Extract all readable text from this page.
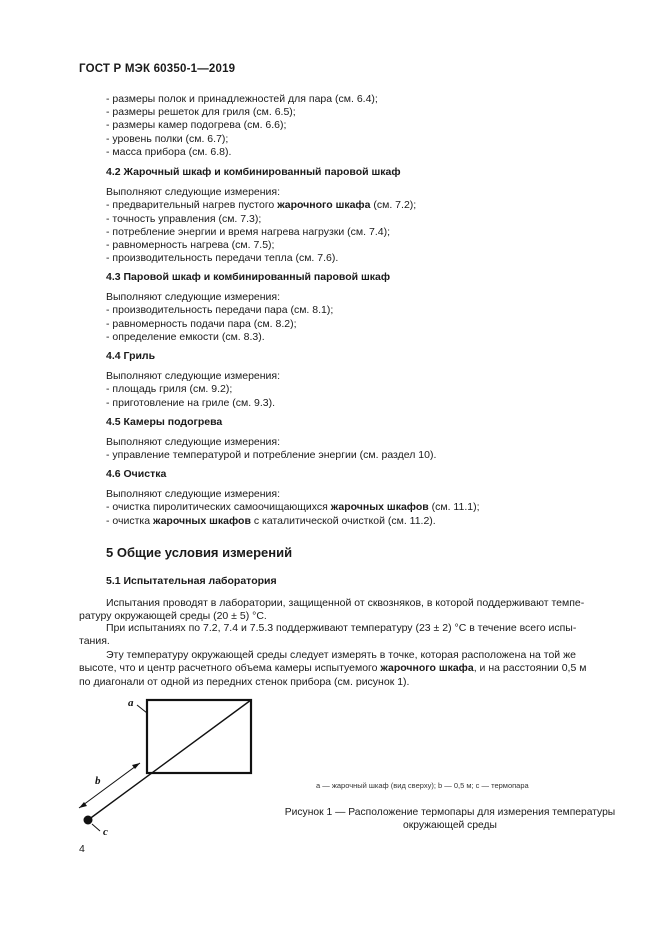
ГОСТ Р МЭК 60350-1—2019
- размеры полок и принадлежностей для пара (см. 6.4);
- размеры решеток для гриля (см. 6.5);
- размеры камер подогрева (см. 6.6);
- уровень полки (см. 6.7);
- масса прибора (см. 6.8).
4.2 Жарочный шкаф и комбинированный паровой шкаф
Выполняют следующие измерения:
- предварительный нагрев пустого жарочного шкафа (см. 7.2);
- точность управления (см. 7.3);
- потребление энергии и время нагрева нагрузки (см. 7.4);
- равномерность нагрева (см. 7.5);
- производительность передачи тепла (см. 7.6).
4.3 Паровой шкаф и комбинированный паровой шкаф
Выполняют следующие измерения:
- производительность передачи пара (см. 8.1);
- равномерность подачи пара (см. 8.2);
- определение емкости (см. 8.3).
4.4 Гриль
Выполняют следующие измерения:
- площадь гриля (см. 9.2);
- приготовление на гриле (см. 9.3).
4.5 Камеры подогрева
Выполняют следующие измерения:
- управление температурой и потребление энергии (см. раздел 10).
4.6 Очистка
Выполняют следующие измерения:
- очистка пиролитических самоочищающихся жарочных шкафов (см. 11.1);
- очистка жарочных шкафов с каталитической очисткой (см. 11.2).
5 Общие условия измерений
5.1 Испытательная лаборатория
Испытания проводят в лаборатории, защищенной от сквозняков, в которой поддерживают темпе-
ратуру окружающей среды (20 ± 5) °С.
При испытаниях по 7.2, 7.4 и 7.5.3 поддерживают температуру (23 ± 2) °С в течение всего испы-
тания.
Эту температуру окружающей среды следует измерять в точке, которая расположена на той же
высоте, что и центр расчетного объема камеры испытуемого жарочного шкафа, и на расстоянии 0,5 м
по диагонали от одной из передних стенок прибора (см. рисунок 1).
a
b
c
a — жарочный шкаф (вид сверху); b — 0,5 м; c — термопара
Рисунок 1 — Расположение термопары для измерения температуры
окружающей среды
4
